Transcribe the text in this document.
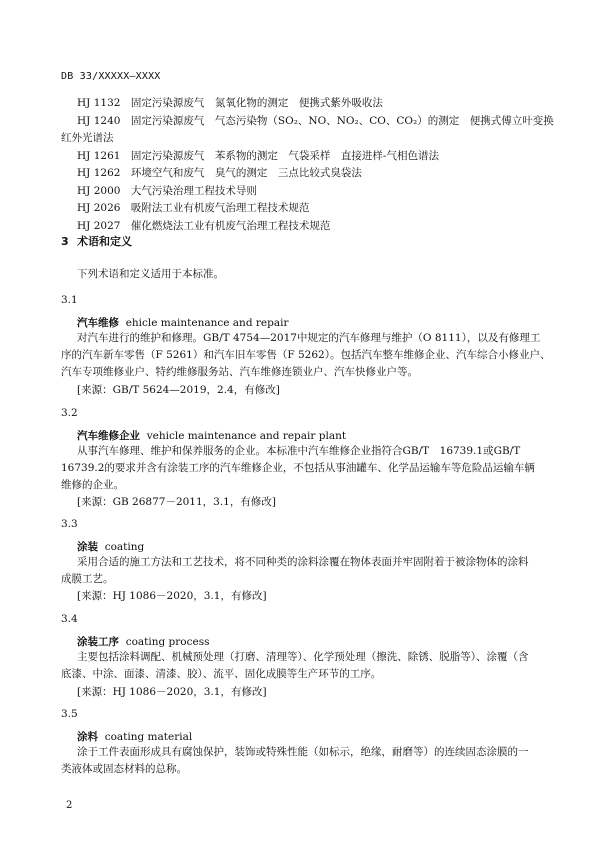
DB 33/XXXXX—XXXX
HJ 1132　固定污染源废气　氮氧化物的测定　便携式紫外吸收法
HJ 1240　固定污染源废气　气态污染物（SO₂、NO、NO₂、CO、CO₂）的测定　便携式傅立叶变换
红外光谱法
HJ 1261　固定污染源废气　苯系物的测定　气袋采样　直接进样-气相色谱法
HJ 1262　环境空气和废气　臭气的测定　三点比较式臭袋法
HJ 2000　大气污染治理工程技术导则
HJ 2026　吸附法工业有机废气治理工程技术规范
HJ 2027　催化燃烧法工业有机废气治理工程技术规范
3 术语和定义
下列术语和定义适用于本标准。
3.1
汽车维修 ehicle maintenance and repair
对汽车进行的维护和修理。GB/T 4754—2017中规定的汽车修理与维护（O 8111），以及有修理工
序的汽车新车零售（F 5261）和汽车旧车零售（F 5262）。包括汽车整车维修企业、汽车综合小修业户、
汽车专项维修业户、特约维修服务站、汽车维修连锁业户、汽车快修业户等。
[来源：GB/T 5624—2019，2.4，有修改]
3.2
汽车维修企业 vehicle maintenance and repair plant
从事汽车修理、维护和保养服务的企业。本标准中汽车维修企业指符合GB/T　16739.1或GB/T
16739.2的要求并含有涂装工序的汽车维修企业，不包括从事油罐车、化学品运输车等危险品运输车辆
维修的企业。
[来源：GB 26877－2011，3.1，有修改]
3.3
涂装 coating
采用合适的施工方法和工艺技术，将不同种类的涂料涂覆在物体表面并牢固附着于被涂物体的涂料
成膜工艺。
[来源：HJ 1086－2020，3.1，有修改]
3.4
涂装工序 coating process
主要包括涂料调配、机械预处理（打磨、清理等）、化学预处理（擦洗、除锈、脱脂等）、涂覆（含
底漆、中涂、面漆、清漆、胶）、流平、固化成膜等生产环节的工序。
[来源：HJ 1086－2020，3.1，有修改]
3.5
涂料 coating material
涂于工件表面形成具有腐蚀保护，装饰或特殊性能（如标示，绝缘，耐磨等）的连续固态涂膜的一
类液体或固态材料的总称。
2
